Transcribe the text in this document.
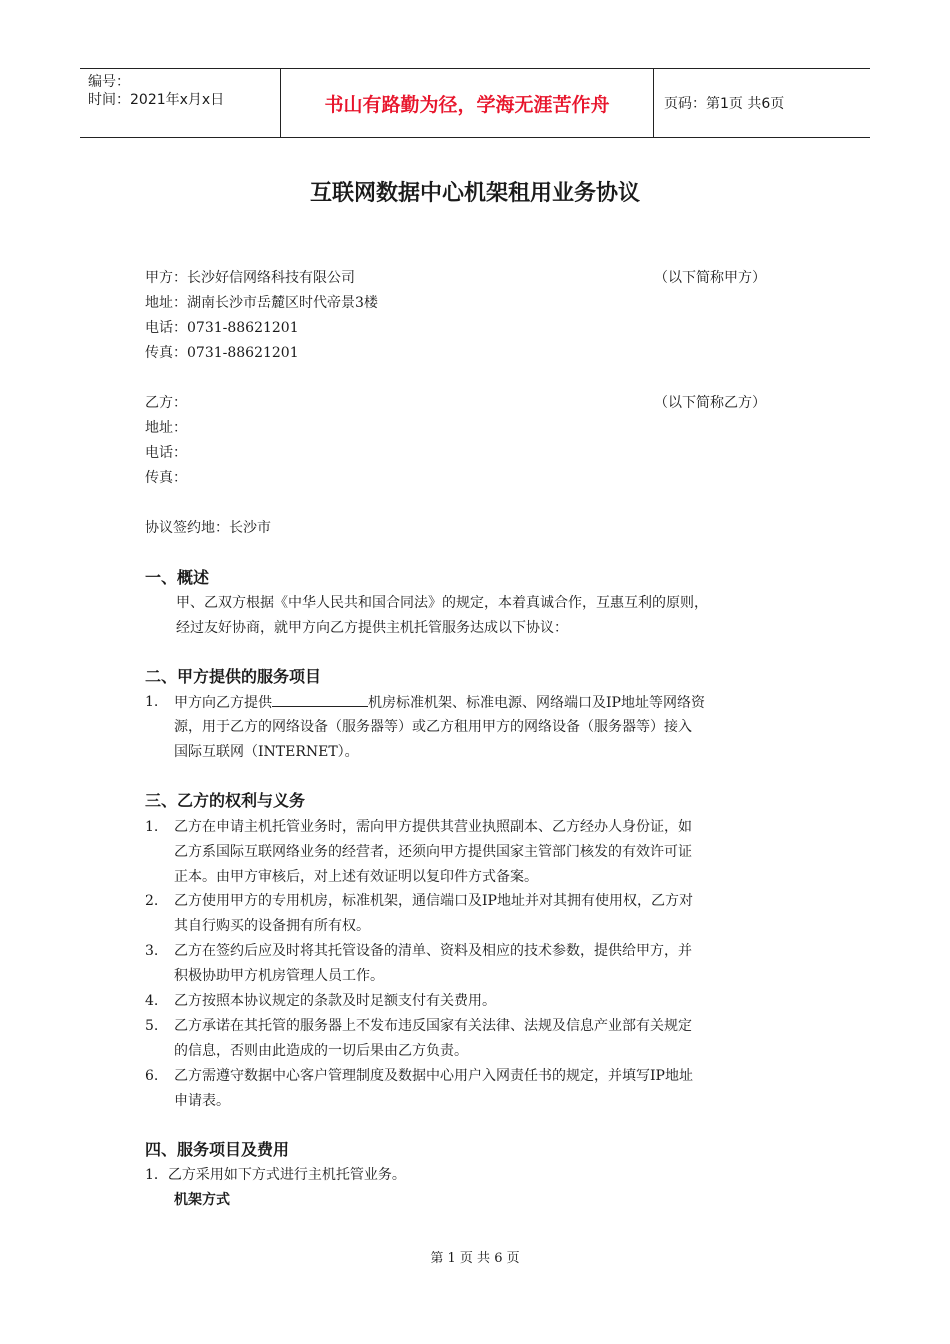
编号：
时间：2021年x月x日	书山有路勤为径，学海无涯苦作舟	页码：第1页 共6页
互联网数据中心机架租用业务协议
甲方：长沙好信网络科技有限公司	（以下简称甲方）
地址：湖南长沙市岳麓区时代帝景3楼
电话：0731-88621201
传真：0731-88621201
乙方：	（以下简称乙方）
地址：
电话：
传真：
协议签约地：长沙市
一、概述
甲、乙双方根据《中华人民共和国合同法》的规定，本着真诚合作，互惠互利的原则，
经过友好协商，就甲方向乙方提供主机托管服务达成以下协议：
二、甲方提供的服务项目
1. 甲方向乙方提供	机房标准机架、标准电源、网络端口及IP地址等网络资
源，用于乙方的网络设备（服务器等）或乙方租用甲方的网络设备（服务器等）接入
国际互联网（INTERNET）。
三、乙方的权利与义务
1. 乙方在申请主机托管业务时，需向甲方提供其营业执照副本、乙方经办人身份证，如
乙方系国际互联网络业务的经营者，还须向甲方提供国家主管部门核发的有效许可证
正本。由甲方审核后，对上述有效证明以复印件方式备案。
2. 乙方使用甲方的专用机房，标准机架，通信端口及IP地址并对其拥有使用权，乙方对
其自行购买的设备拥有所有权。
3. 乙方在签约后应及时将其托管设备的清单、资料及相应的技术参数，提供给甲方，并
积极协助甲方机房管理人员工作。
4. 乙方按照本协议规定的条款及时足额支付有关费用。
5. 乙方承诺在其托管的服务器上不发布违反国家有关法律、法规及信息产业部有关规定
的信息，否则由此造成的一切后果由乙方负责。
6. 乙方需遵守数据中心客户管理制度及数据中心用户入网责任书的规定，并填写IP地址
申请表。
四、服务项目及费用
1．乙方采用如下方式进行主机托管业务。
机架方式
第 1 页 共 6 页
